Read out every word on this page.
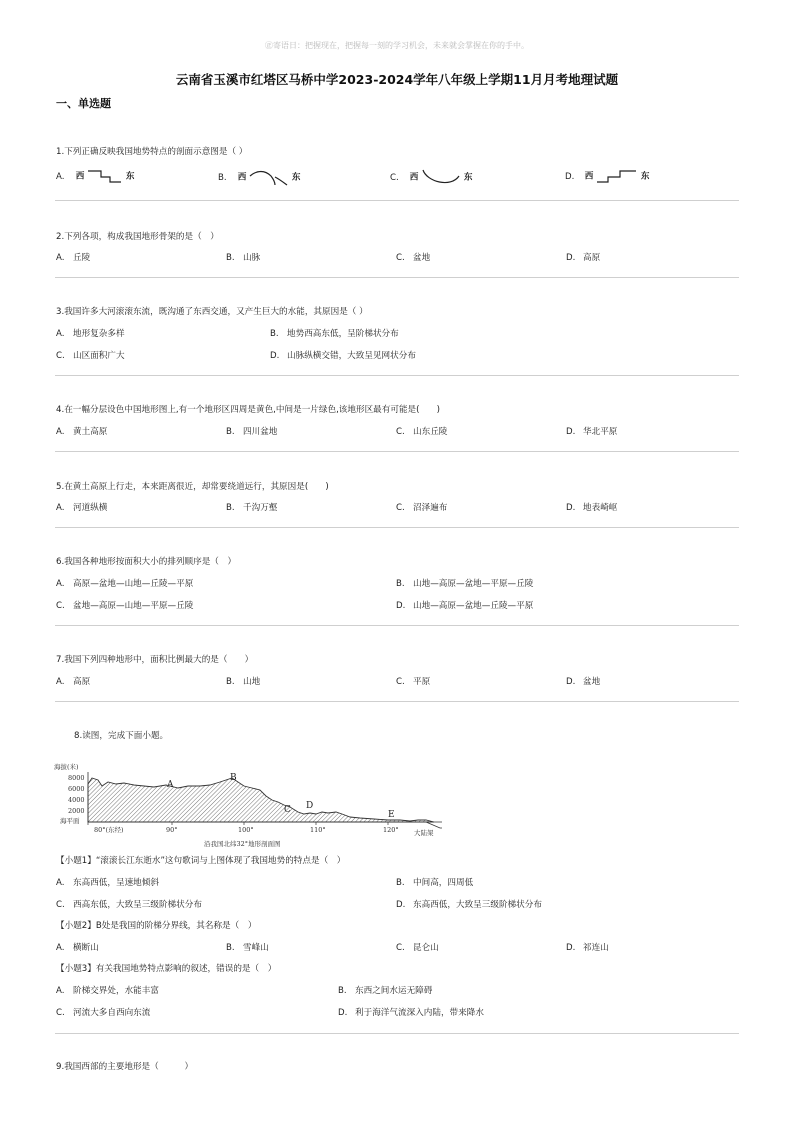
㊣寄语日：把握现在，把握每一刻的学习机会，未来就会掌握在你的手中。
云南省玉溪市红塔区马桥中学2023-2024学年八年级上学期11月月考地理试题
一、单选题
1.下列正确反映我国地势特点的剖面示意图是（ ）
A. 西	东	B. 西	东	C. 西	东	D. 西	东
2.下列各项，构成我国地形骨架的是（　）
A. 丘陵	B. 山脉	C. 盆地	D. 高原
3.我国许多大河滚滚东流，既沟通了东西交通，又产生巨大的水能，其原因是（ ）
A. 地形复杂多样	B. 地势西高东低，呈阶梯状分布
C. 山区面积广大	D. 山脉纵横交错，大致呈见网状分布
4.在一幅分层设色中国地形图上,有一个地形区四周是黄色,中间是一片绿色,该地形区最有可能是(　　)
A. 黄土高原	B. 四川盆地	C. 山东丘陵	D. 华北平原
5.在黄土高原上行走，本来距离很近，却常要绕道远行，其原因是(　　)
A. 河道纵横	B. 千沟万壑	C. 沼泽遍布	D. 地表崎岖
6.我国各种地形按面积大小的排列顺序是（　）
A. 高原—盆地—山地—丘陵—平原	B. 山地—高原—盆地—平原—丘陵
C. 盆地—高原—山地—平原—丘陵	D. 山地—高原—盆地—丘陵—平原
7.我国下列四种地形中，面积比例最大的是（　　）
A. 高原	B. 山地	C. 平原	D. 盆地
8.读图，完成下面小题。
海拔(米)
8000
6000
4000
2000
海平面
A
B
C D
E
80°(东经)	90°	100°	110°	120° 大陆架
沿我国北纬32°地形剖面图
【小题1】“滚滚长江东逝水”这句歌词与上图体现了我国地势的特点是（　）
A. 东高西低，呈速地倾斜	B. 中间高，四周低
C. 西高东低，大致呈三级阶梯状分布	D. 东高西低，大致呈三级阶梯状分布
【小题2】B处是我国的阶梯分界线，其名称是（　）
A. 横断山	B. 雪峰山	C. 昆仑山	D. 祁连山
【小题3】有关我国地势特点影响的叙述，错误的是（　）
A. 阶梯交界处，水能丰富	B. 东西之间水运无障碍
C. 河流大多自西向东流	D. 利于海洋气流深入内陆，带来降水
9.我国西部的主要地形是（　　　）
